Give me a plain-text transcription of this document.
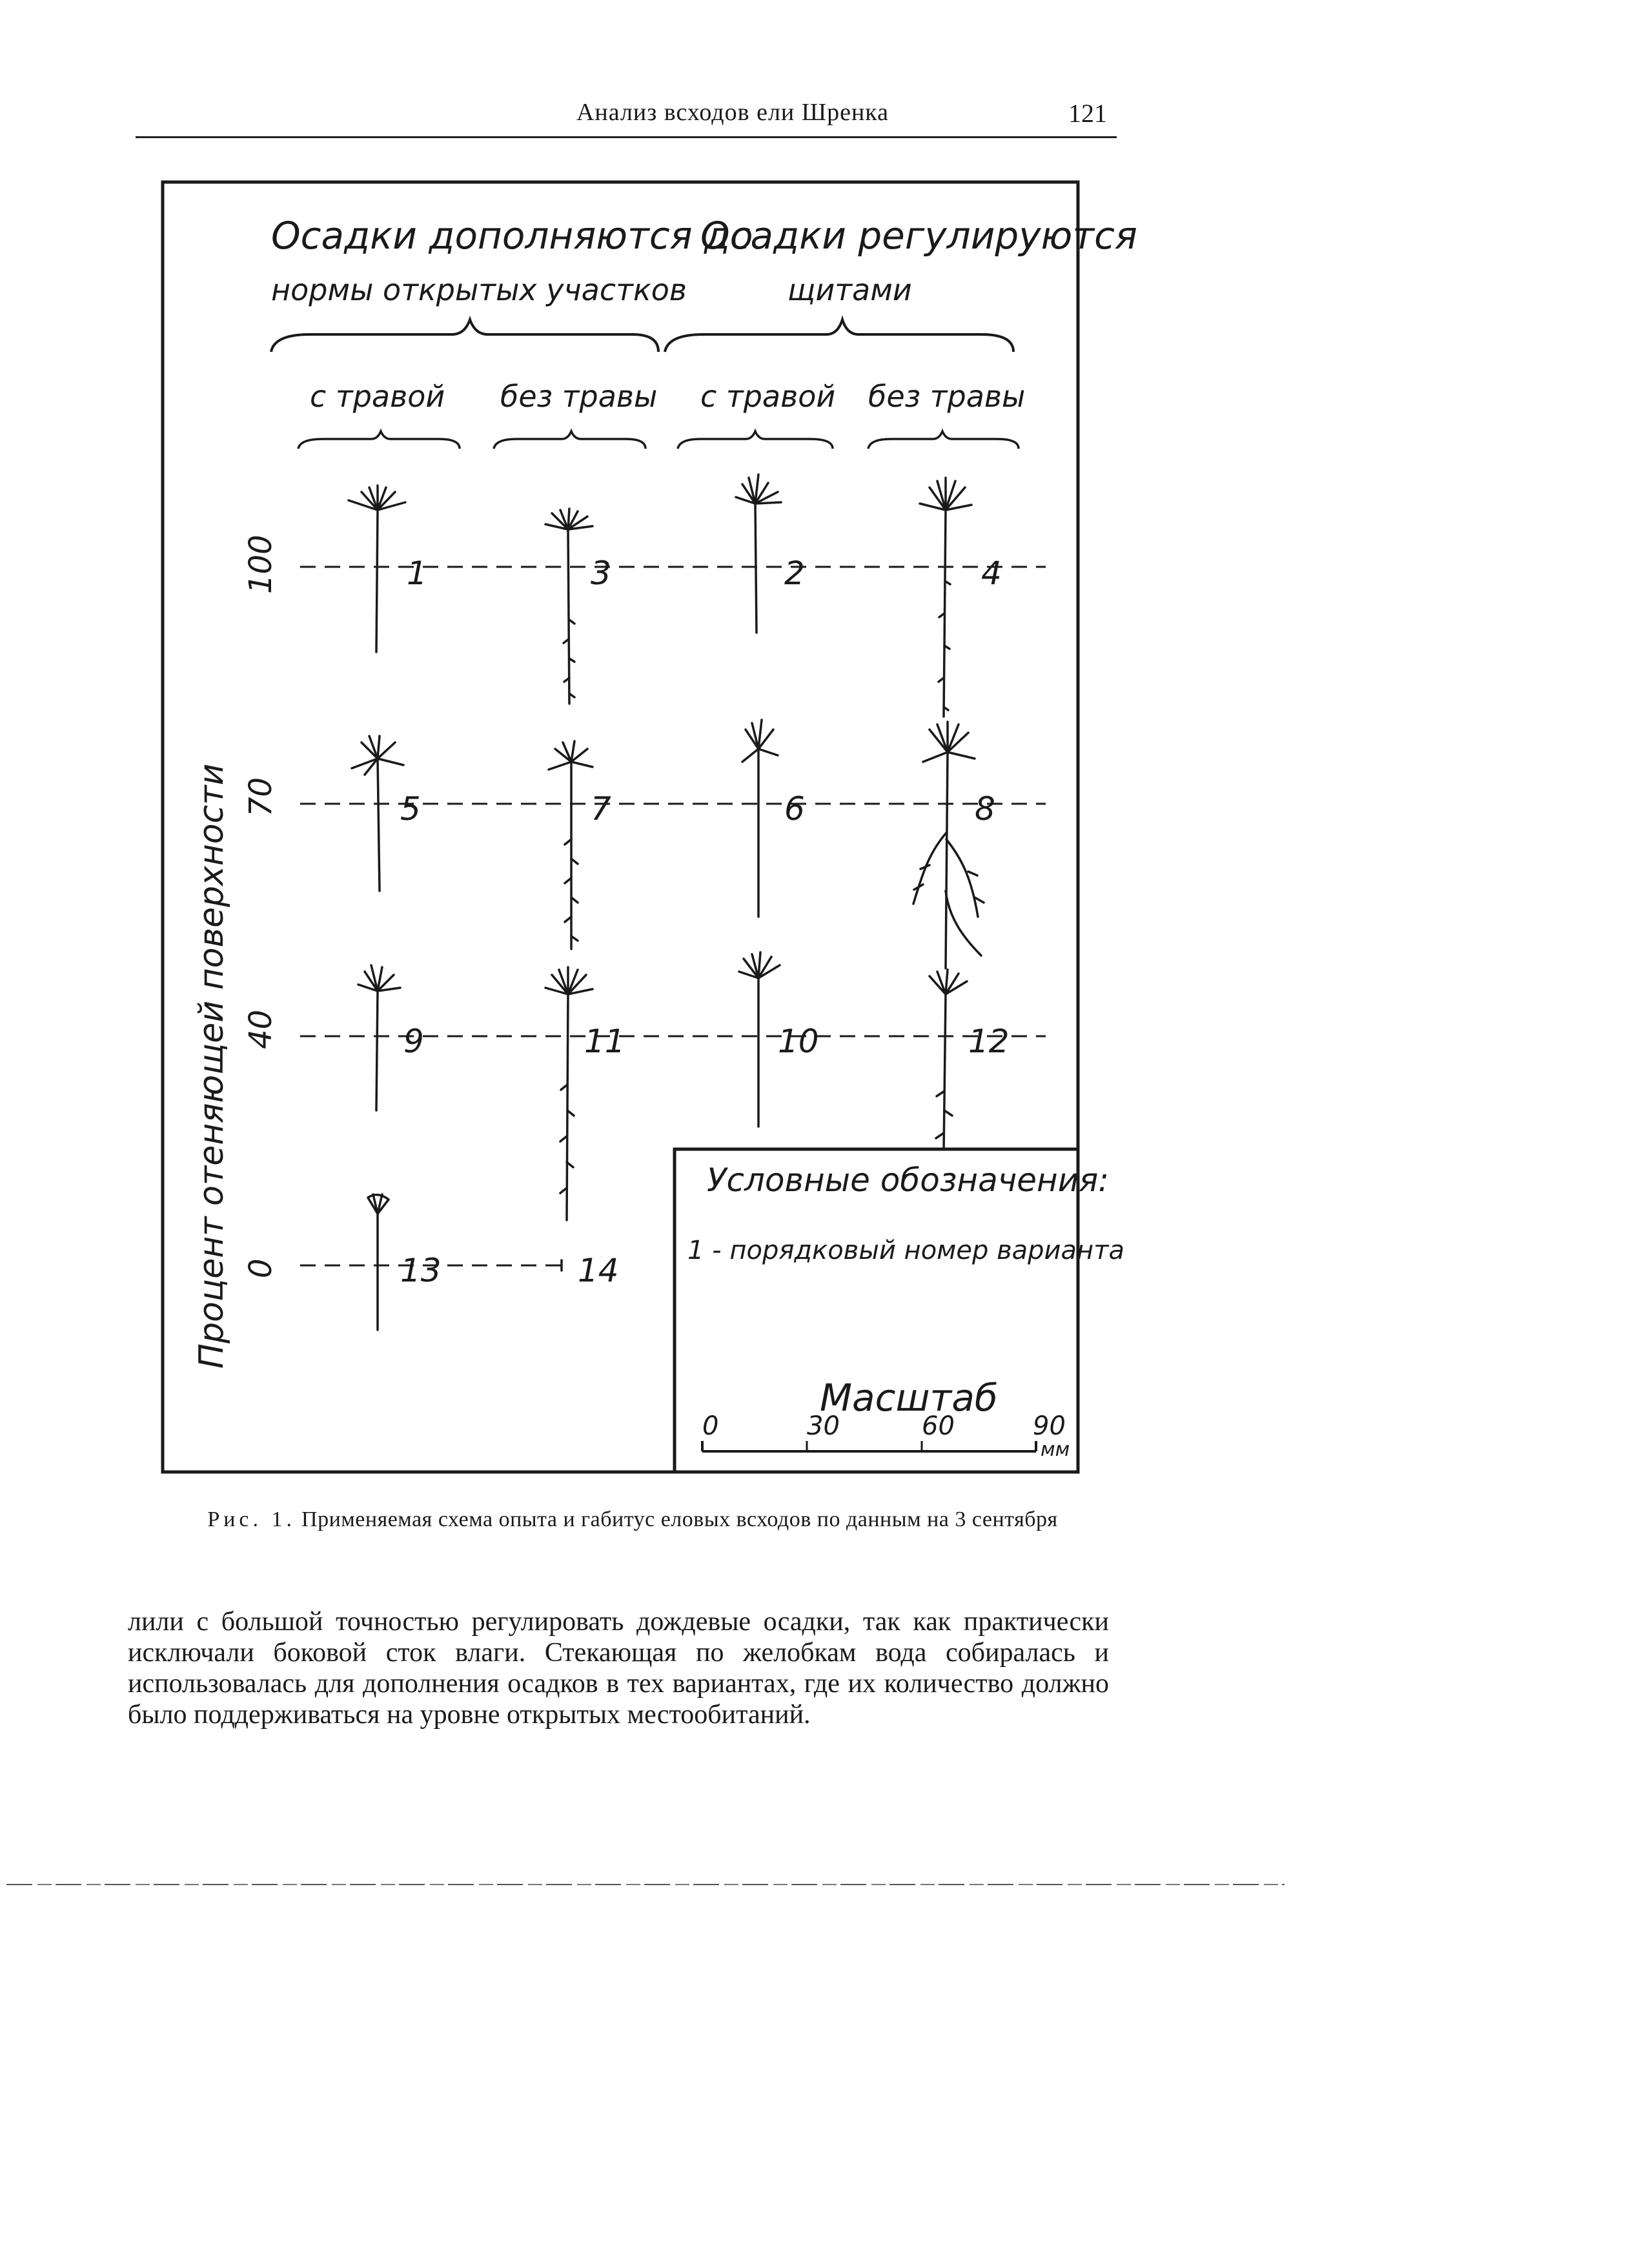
Анализ всходов ели Шренка	121
Осадки дополняются до
нормы открытых участков
Осадки регулируются
щитами
с травой без травы с травой без травы
Процент отеняющей поверхности
100
70
40
0
1	3	2	4
5	7	6	8
9	11	10	12
13	14
Условные обозначения:
1 - порядковый номер варианта
Масштаб
0	30	60	90
мм
Рис. 1. Применяемая схема опыта и габитус еловых всходов по данным на 3 сентября
лили с большой точностью регулировать дождевые осадки, так как практически исключали боковой сток влаги. Стекающая по желобкам вода собиралась и использовалась для дополнения осадков в тех вариантах, где их количество должно было поддерживаться на уровне открытых местообитаний.
